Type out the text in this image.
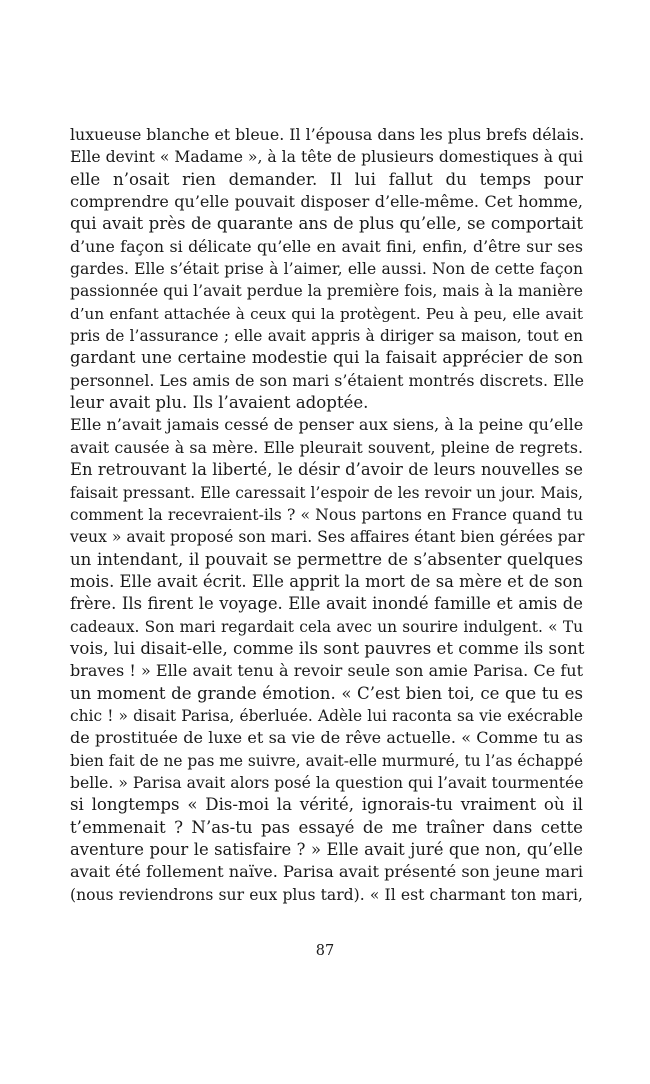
luxueuse blanche et bleue. Il l’épousa dans les plus brefs délais.
Elle devint « Madame », à la tête de plusieurs domestiques à qui
elle n’osait rien demander. Il lui fallut du temps pour
comprendre qu’elle pouvait disposer d’elle-même. Cet homme,
qui avait près de quarante ans de plus qu’elle, se comportait
d’une façon si délicate qu’elle en avait fini, enfin, d’être sur ses
gardes. Elle s’était prise à l’aimer, elle aussi. Non de cette façon
passionnée qui l’avait perdue la première fois, mais à la manière
d’un enfant attachée à ceux qui la protègent. Peu à peu, elle avait
pris de l’assurance ; elle avait appris à diriger sa maison, tout en
gardant une certaine modestie qui la faisait apprécier de son
personnel. Les amis de son mari s’étaient montrés discrets. Elle
leur avait plu. Ils l’avaient adoptée.
Elle n’avait jamais cessé de penser aux siens, à la peine qu’elle
avait causée à sa mère. Elle pleurait souvent, pleine de regrets.
En retrouvant la liberté, le désir d’avoir de leurs nouvelles se
faisait pressant. Elle caressait l’espoir de les revoir un jour. Mais,
comment la recevraient-ils ? « Nous partons en France quand tu
veux » avait proposé son mari. Ses affaires étant bien gérées par
un intendant, il pouvait se permettre de s’absenter quelques
mois. Elle avait écrit. Elle apprit la mort de sa mère et de son
frère. Ils firent le voyage. Elle avait inondé famille et amis de
cadeaux. Son mari regardait cela avec un sourire indulgent. « Tu
vois, lui disait-elle, comme ils sont pauvres et comme ils sont
braves ! » Elle avait tenu à revoir seule son amie Parisa. Ce fut
un moment de grande émotion. « C’est bien toi, ce que tu es
chic ! » disait Parisa, éberluée. Adèle lui raconta sa vie exécrable
de prostituée de luxe et sa vie de rêve actuelle. « Comme tu as
bien fait de ne pas me suivre, avait-elle murmuré, tu l’as échappé
belle. » Parisa avait alors posé la question qui l’avait tourmentée
si longtemps « Dis-moi la vérité, ignorais-tu vraiment où il
t’emmenait ? N’as-tu pas essayé de me traîner dans cette
aventure pour le satisfaire ? » Elle avait juré que non, qu’elle
avait été follement naïve. Parisa avait présenté son jeune mari
(nous reviendrons sur eux plus tard). « Il est charmant ton mari,
87
